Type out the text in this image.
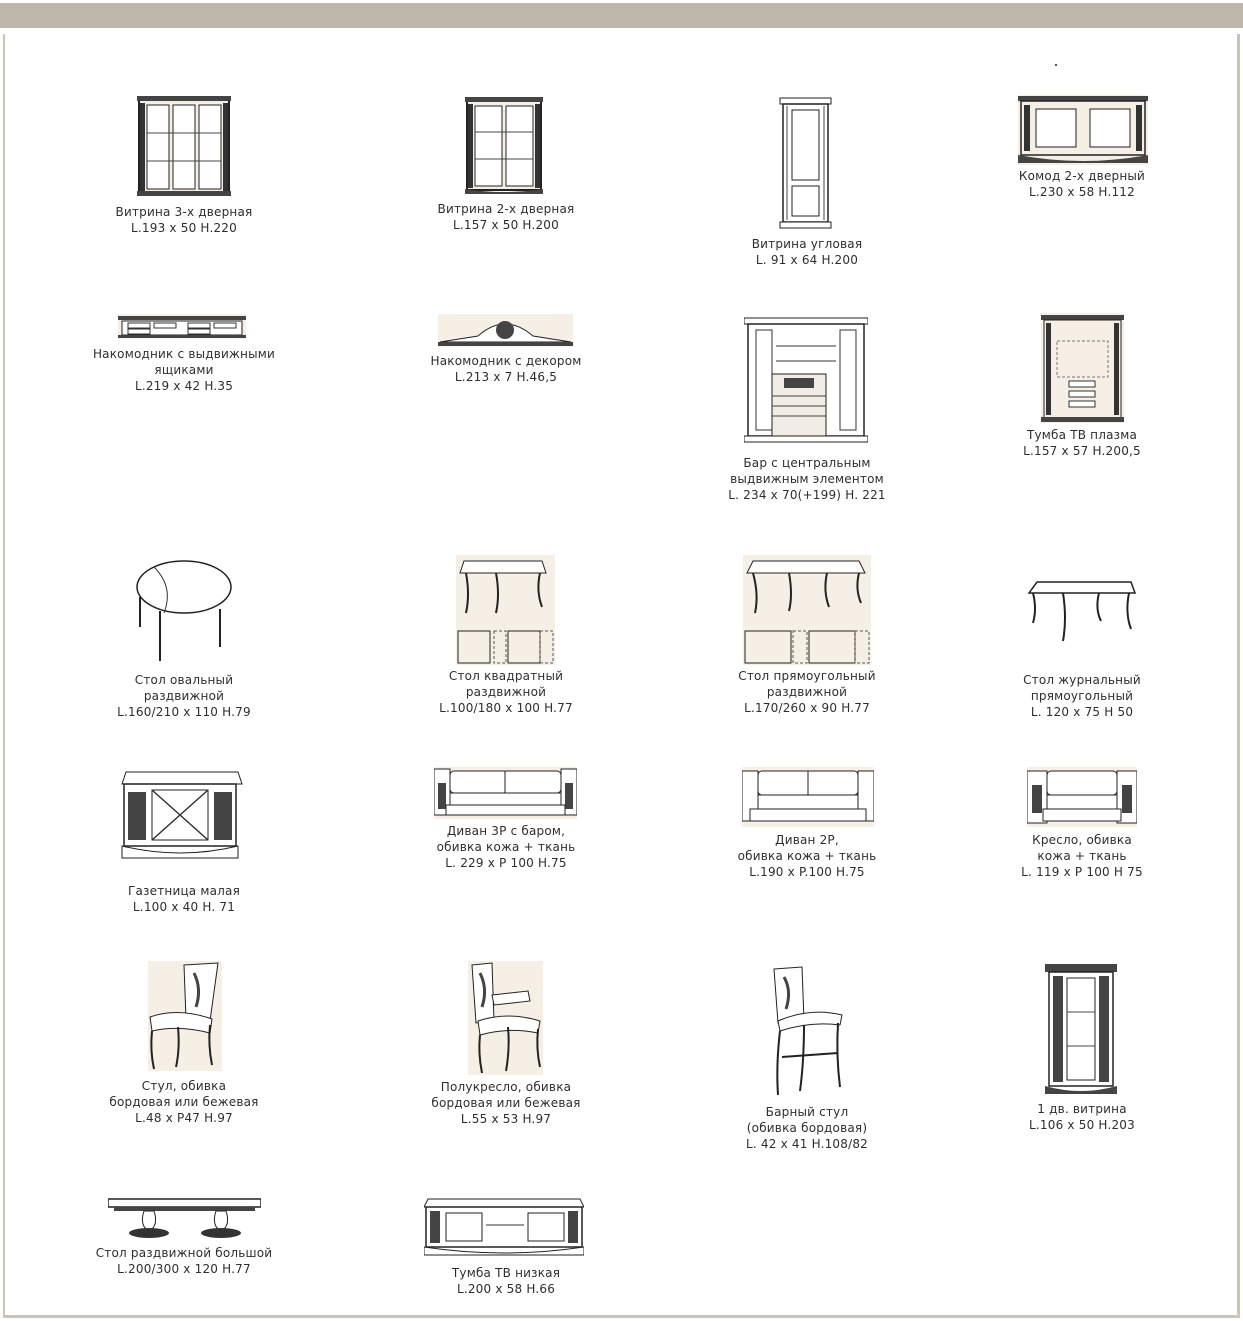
Витрина 3-х дверная
L.193 x 50 H.220
Витрина 2-х дверная
L.157 x 50 H.200
Витрина угловая
L. 91 x 64 H.200
Комод 2-х дверный
L.230 x 58 H.112
Накомодник с выдвижными
ящиками
L.219 x 42 H.35
Накомодник с декором
L.213 x 7 H.46,5
Бар с центральным
выдвижным элементом
L. 234 x 70(+199) H. 221
Тумба ТВ плазма
L.157 x 57 H.200,5
Стол овальный
раздвижной
L.160/210 x 110 H.79
Стол квадратный
раздвижной
L.100/180 x 100 H.77
Стол прямоугольный
раздвижной
L.170/260 x 90 H.77
Стол журнальный
прямоугольный
L. 120 x 75 H 50
Газетница малая
L.100 x 40 H. 71
Диван 3Р с баром,
обивка кожа + ткань
L. 229 x P 100 H.75
Диван 2Р,
обивка кожа + ткань
L.190 x P.100 H.75
Кресло, обивка
кожа + ткань
L. 119 x P 100 H 75
Стул, обивка
бордовая или бежевая
L.48 x P47 H.97
Полукресло, обивка
бордовая или бежевая
L.55 x 53 H.97	Барный стул
(обивка бордовая)
L. 42 x 41 H.108/82
1 дв. витрина
L.106 x 50 H.203
Стол раздвижной большой
L.200/300 x 120 H.77	Тумба ТВ низкая
L.200 x 58 H.66
